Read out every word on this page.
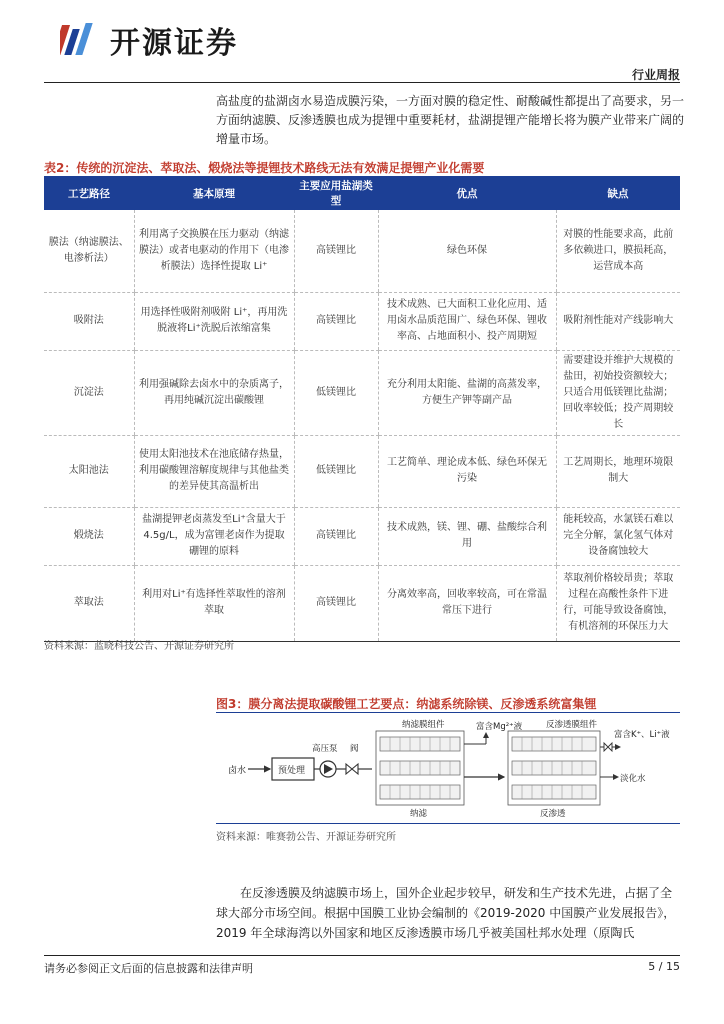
开源证券
行业周报
高盐度的盐湖卤水易造成膜污染，一方面对膜的稳定性、耐酸碱性都提出了高要求，另一方面纳滤膜、反渗透膜也成为提锂中重要耗材，盐湖提锂产能增长将为膜产业带来广阔的增量市场。
表2：传统的沉淀法、萃取法、煅烧法等提锂技术路线无法有效满足提锂产业化需要
工艺路径	基本原理	主要应用盐湖类型	优点	缺点
膜法（纳滤膜法、电渗析法）	利用离子交换膜在压力驱动（纳滤膜法）或者电驱动的作用下（电渗析膜法）选择性提取 Li⁺	高镁锂比	绿色环保	对膜的性能要求高，此前多依赖进口，膜损耗高，运营成本高
吸附法	用选择性吸附剂吸附 Li⁺，再用洗脱液将Li⁺洗脱后浓缩富集	高镁锂比	技术成熟、已大面积工业化应用、适用卤水品质范围广、绿色环保、锂收率高、占地面积小、投产周期短	吸附剂性能对产线影响大
沉淀法	利用强碱除去卤水中的杂质离子，再用纯碱沉淀出碳酸锂	低镁锂比	充分利用太阳能、盐湖的高蒸发率，方便生产钾等副产品	需要建设并维护大规模的盐田，初始投资额较大；只适合用低镁锂比盐湖；回收率较低；投产周期较长
太阳池法	使用太阳池技术在池底储存热量，利用碳酸锂溶解度规律与其他盐类的差异使其高温析出	低镁锂比	工艺简单、理论成本低、绿色环保无污染	工艺周期长，地理环境限制大
煅烧法	盐湖提钾老卤蒸发至Li⁺含量大于4.5g/L，成为富锂老卤作为提取硼锂的原料	高镁锂比	技术成熟，镁、锂、硼、盐酸综合利用	能耗较高，水氯镁石难以完全分解，氯化氢气体对设备腐蚀较大
萃取法	利用对Li⁺有选择性萃取性的溶剂萃取	高镁锂比	分离效率高，回收率较高，可在常温常压下进行	萃取剂价格较昂贵；萃取过程在高酸性条件下进行，可能导致设备腐蚀，有机溶剂的环保压力大
资料来源：蓝晓科技公告、开源证券研究所
图3：膜分离法提取碳酸锂工艺要点：纳滤系统除镁、反渗透系统富集锂
卤水	预处理
高压泵 阀
纳滤膜组件
纳滤
富含Mg²⁺液	反渗透膜组件
反渗透
富含K⁺、Li⁺液
淡化水
资料来源：唯赛勃公告、开源证券研究所
在反渗透膜及纳滤膜市场上，国外企业起步较早，研发和生产技术先进，占据了全球大部分市场空间。根据中国膜工业协会编制的《2019-2020 中国膜产业发展报告》，2019 年全球海湾以外国家和地区反渗透膜市场几乎被美国杜邦水处理（原陶氏
请务必参阅正文后面的信息披露和法律声明	5 / 15
